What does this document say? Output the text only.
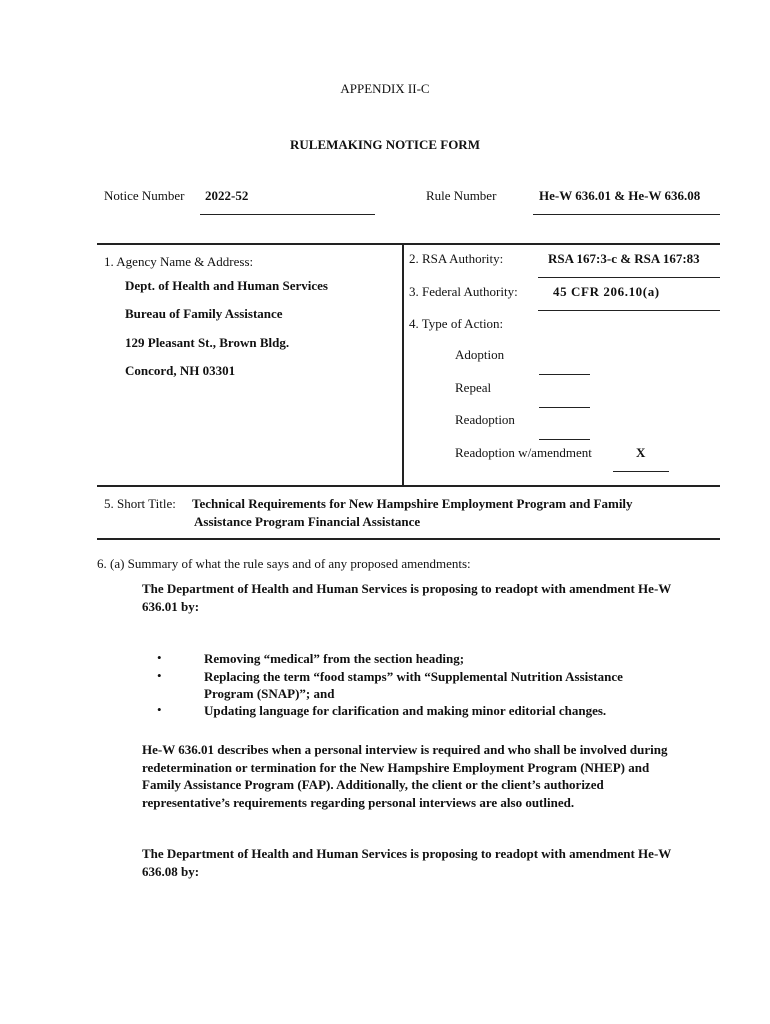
APPENDIX II-C
RULEMAKING NOTICE FORM
Notice Number 2022-52	Rule Number	He-W 636.01 & He-W 636.08
1. Agency Name & Address:
Dept. of Health and Human Services
Bureau of Family Assistance
129 Pleasant St., Brown Bldg.
Concord, NH 03301
2. RSA Authority:	RSA 167:3-c & RSA 167:83
3. Federal Authority:	45 CFR 206.10(a)
4. Type of Action:
Adoption
Repeal
Readoption
Readoption w/amendment	X
5. Short Title: Technical Requirements for New Hampshire Employment Program and Family
Assistance Program Financial Assistance
6. (a) Summary of what the rule says and of any proposed amendments:
The Department of Health and Human Services is proposing to readopt with amendment He-W 636.01 by:
•	Removing “medical” from the section heading;
•	Replacing the term “food stamps” with “Supplemental Nutrition Assistance Program (SNAP)”; and
•	Updating language for clarification and making minor editorial changes.
He-W 636.01 describes when a personal interview is required and who shall be involved during redetermination or termination for the New Hampshire Employment Program (NHEP) and Family Assistance Program (FAP). Additionally, the client or the client’s authorized representative’s requirements regarding personal interviews are also outlined.
The Department of Health and Human Services is proposing to readopt with amendment He-W 636.08 by:
